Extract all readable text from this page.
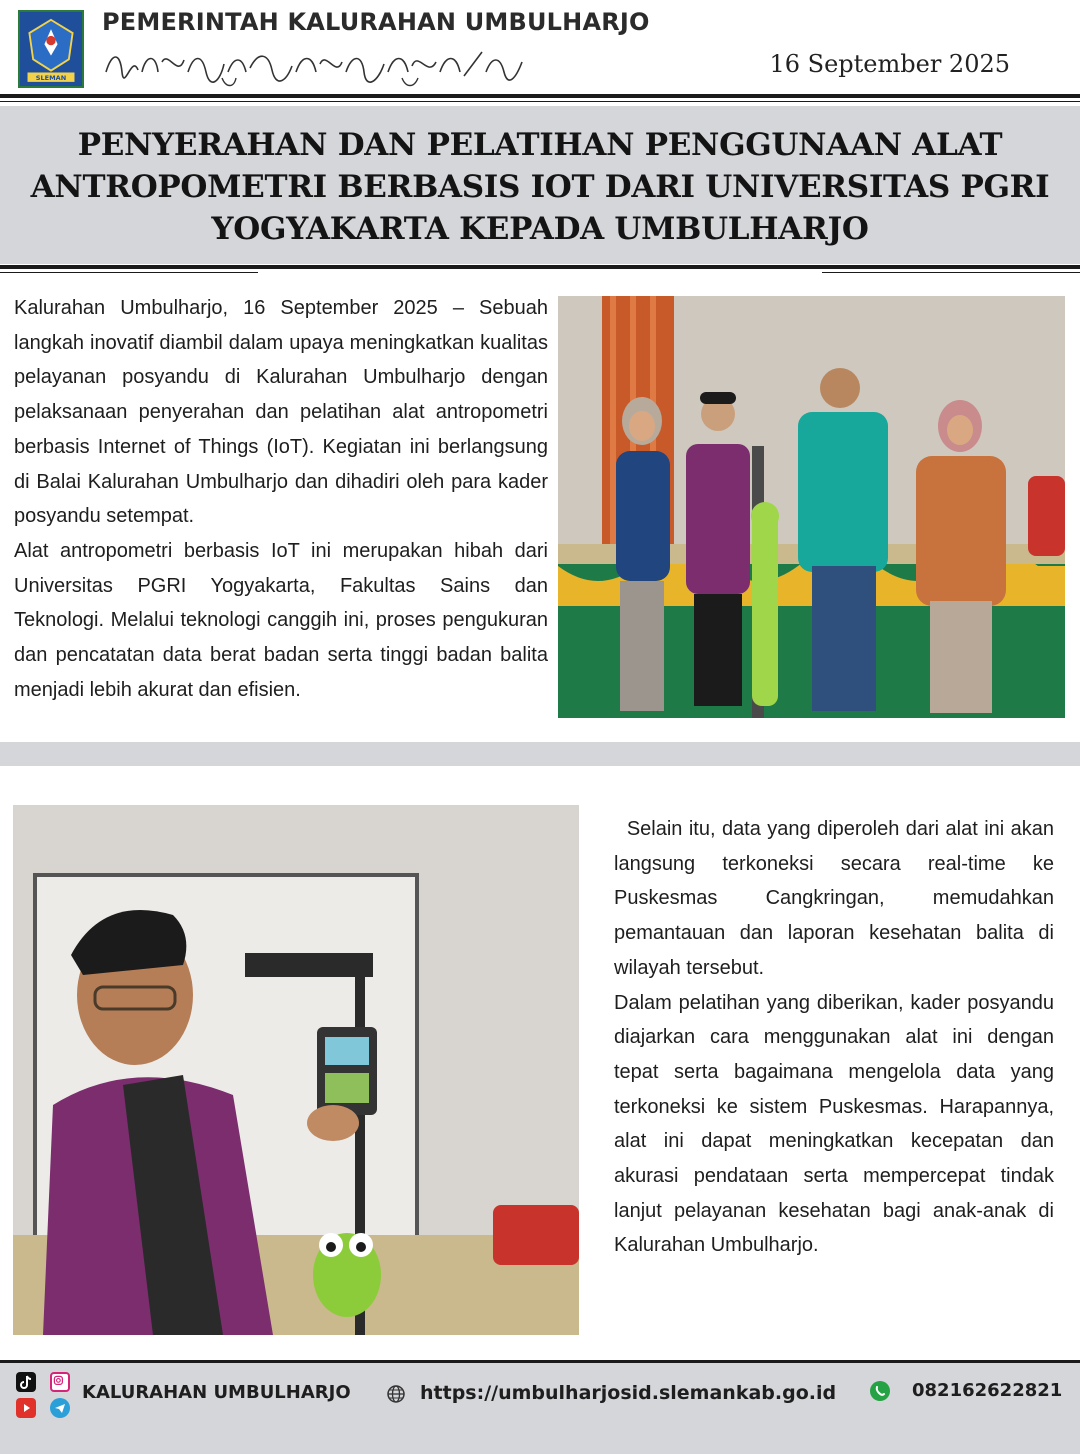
SLEMAN
PEMERINTAH KALURAHAN UMBULHARJO
16 September 2025
PENYERAHAN DAN PELATIHAN PENGGUNAAN ALAT ANTROPOMETRI BERBASIS IOT DARI UNIVERSITAS PGRI YOGYAKARTA KEPADA UMBULHARJO

Kalurahan Umbulharjo, 16 September 2025 – Sebuah langkah inovatif diambil dalam upaya meningkatkan kualitas pelayanan posyandu di Kalurahan Umbulharjo dengan pelaksanaan penyerahan dan pelatihan alat antropometri berbasis Internet of Things (IoT). Kegiatan ini berlangsung di Balai Kalurahan Umbulharjo dan dihadiri oleh para kader posyandu setempat.

Alat antropometri berbasis IoT ini merupakan hibah dari Universitas PGRI Yogyakarta, Fakultas Sains dan Teknologi. Melalui teknologi canggih ini, proses pengukuran dan pencatatan data berat badan serta tinggi badan balita menjadi lebih akurat dan efisien.

Selain itu, data yang diperoleh dari alat ini akan langsung terkoneksi secara real-time ke Puskesmas Cangkringan, memudahkan pemantauan dan laporan kesehatan balita di wilayah tersebut.

Dalam pelatihan yang diberikan, kader posyandu diajarkan cara menggunakan alat ini dengan tepat serta bagaimana mengelola data yang terkoneksi ke sistem Puskesmas. Harapannya, alat ini dapat meningkatkan kecepatan dan akurasi pendataan serta mempercepat tindak lanjut pelayanan kesehatan bagi anak-anak di Kalurahan Umbulharjo.

KALURAHAN UMBULHARJO	https://umbulharjosid.slemankab.go.id	082162622821
